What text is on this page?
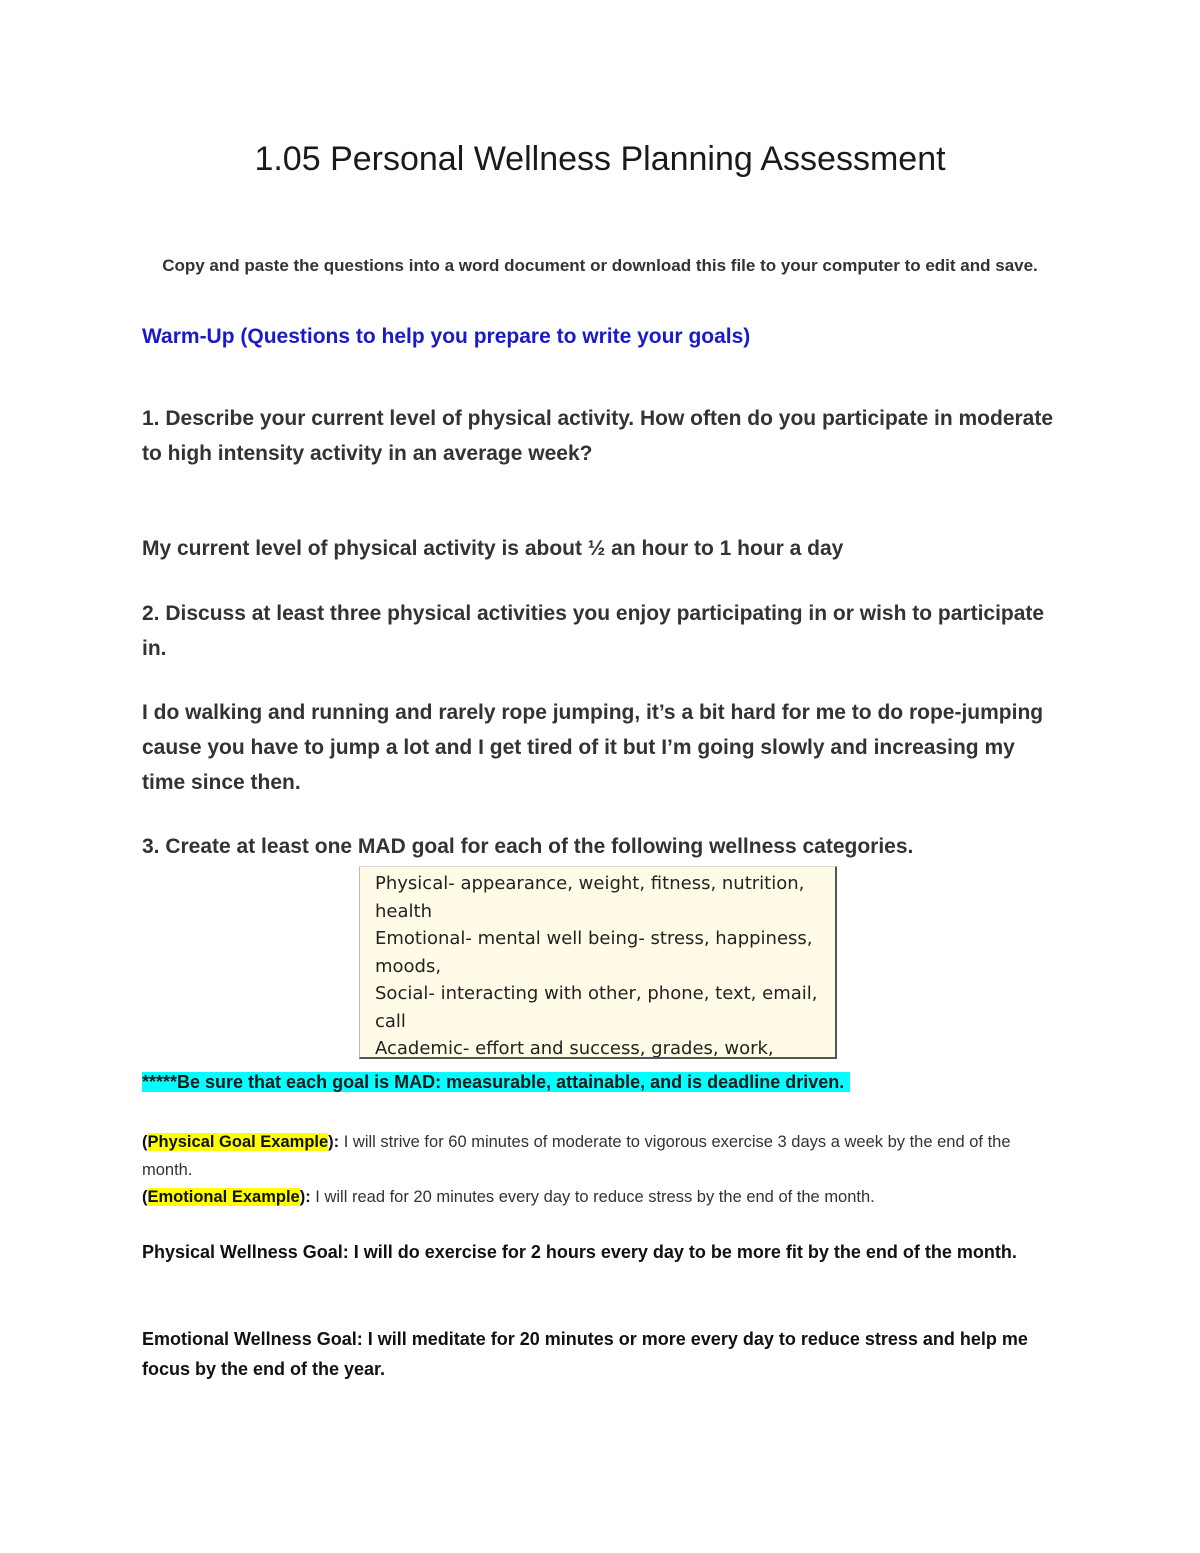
1.05 Personal Wellness Planning Assessment
Copy and paste the questions into a word document or download this file to your computer to edit and save.
Warm-Up (Questions to help you prepare to write your goals)
1. Describe your current level of physical activity. How often do you participate in moderate to high intensity activity in an average week?
My current level of physical activity is about ½ an hour to 1 hour a day
2. Discuss at least three physical activities you enjoy participating in or wish to participate in.
I do walking and running and rarely rope jumping, it’s a bit hard for me to do rope-jumping cause you have to jump a lot and I get tired of it but I’m going slowly and increasing my time since then.
3. Create at least one MAD goal for each of the following wellness categories.

Physical- appearance, weight, fitness, nutrition, health

Emotional- mental well being- stress, happiness, moods,

Social- interacting with other, phone, text, email, call

Academic- effort and success, grades, work,

*****Be sure that each goal is MAD: measurable, attainable, and is deadline driven.
(Physical Goal Example): I will strive for 60 minutes of moderate to vigorous exercise 3 days a week by the end of the month.
(Emotional Example): I will read for 20 minutes every day to reduce stress by the end of the month.
Physical Wellness Goal: I will do exercise for 2 hours every day to be more fit by the end of the month.
Emotional Wellness Goal: I will meditate for 20 minutes or more every day to reduce stress and help me focus by the end of the year.
